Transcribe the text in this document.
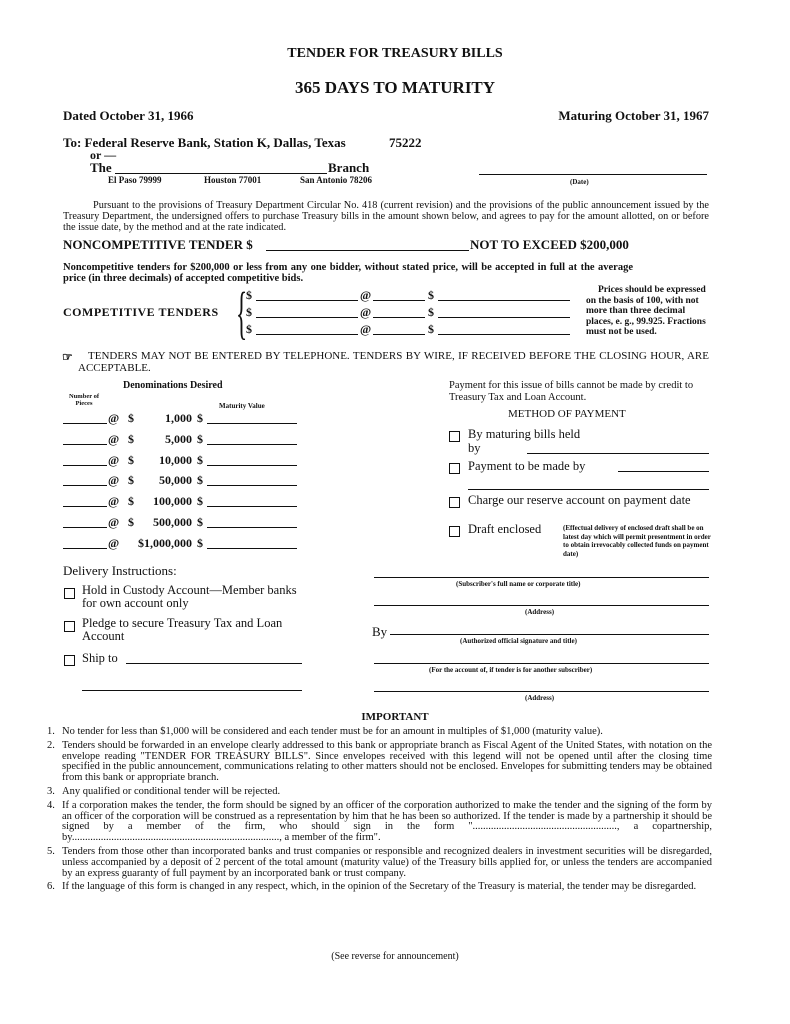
TENDER FOR TREASURY BILLS
365 DAYS TO MATURITY
Dated October 31, 1966	Maturing October 31, 1967
To: Federal Reserve Bank, Station K, Dallas, Texas	75222
or —
The	Branch
El Paso 79999	Houston 77001	San Antonio 78206	(Date)
Pursuant to the provisions of Treasury Department Circular No. 418 (current revision) and the provisions of the public announcement issued by the Treasury Department, the undersigned offers to purchase Treasury bills in the amount shown below, and agrees to pay for the amount allotted, on or before the issue date, by the method and at the rate indicated.
NONCOMPETITIVE TENDER $	NOT TO EXCEED $200,000
Noncompetitive tenders for $200,000 or less from any one bidder, without stated price, will be accepted in full at the average price (in three decimals) of accepted competitive bids.
COMPETITIVE TENDERS {
$	@	$
$	@	$
$	@	$
Prices should be expressed on the basis of 100, with not more than three decimal places, e. g., 99.925. Fractions must not be used.
☞	TENDERS MAY NOT BE ENTERED BY TELEPHONE. TENDERS BY WIRE, IF RECEIVED BEFORE THE CLOSING HOUR, ARE ACCEPTABLE.
Denominations Desired
Number of Pieces	Maturity Value
@ $	1,000 $
@ $	5,000 $
@ $ 10,000 $
@ $ 50,000 $
@ $ 100,000 $
@ $ 500,000 $
@ $1,000,000 $
Delivery Instructions:
Hold in Custody Account—Member banks for own account only
Pledge to secure Treasury Tax and Loan Account
Ship to
Payment for this issue of bills cannot be made by credit to Treasury Tax and Loan Account.
METHOD OF PAYMENT
By maturing bills held by
Payment to be made by
Charge our reserve account on payment date
Draft enclosed	(Effectual delivery of enclosed draft shall be on latest day which will permit presentment in order to obtain irrevocably collected funds on payment date)
(Subscriber's full name or corporate title)
(Address)
By
(Authorized official signature and title)
(For the account of, if tender is for another subscriber)
(Address)
IMPORTANT
1. No tender for less than $1,000 will be considered and each tender must be for an amount in multiples of $1,000 (maturity value).
2. Tenders should be forwarded in an envelope clearly addressed to this bank or appropriate branch as Fiscal Agent of the United States, with notation on the envelope reading "TENDER FOR TREASURY BILLS". Since envelopes received with this legend will not be opened until after the closing time specified in the public announcement, communications relating to other matters should not be enclosed. Envelopes for submitting tenders may be obtained from this bank or appropriate branch.
3. Any qualified or conditional tender will be rejected.
4. If a corporation makes the tender, the form should be signed by an officer of the corporation authorized to make the tender and the signing of the form by an officer of the corporation will be construed as a representation by him that he has been so authorized. If the tender is made by a partnership it should be signed by a member of the firm, who should sign in the form "......................................................., a copartnership, by..............................................................................., a member of the firm".
5. Tenders from those other than incorporated banks and trust companies or responsible and recognized dealers in investment securities will be disregarded, unless accompanied by a deposit of 2 percent of the total amount (maturity value) of the Treasury bills applied for, or unless the tenders are accompanied by an express guaranty of full payment by an incorporated bank or trust company.
6. If the language of this form is changed in any respect, which, in the opinion of the Secretary of the Treasury is material, the tender may be disregarded.
(See reverse for announcement)
